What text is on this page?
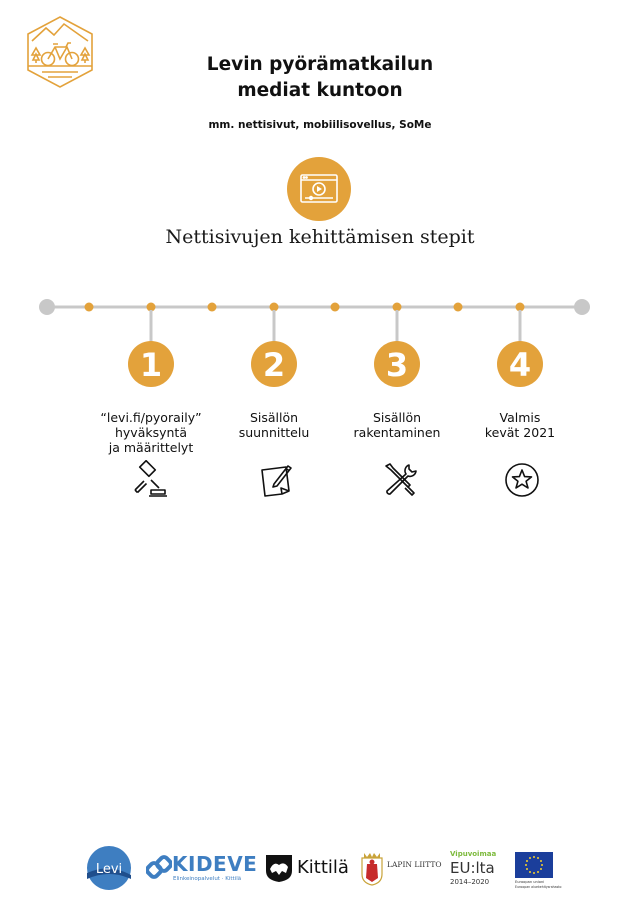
Levin pyörämatkailun
mediat kuntoon
mm. nettisivut, mobiilisovellus, SoMe
Nettisivujen kehittämisen stepit
1	2	3	4
“levi.fi/pyoraily”
hyväksyntä
ja määrittelyt
Sisällön
suunnittelu
Sisällön
rakentaminen
Valmis
kevät 2021
Levi KIDEVE
Elinkeinopalvelut · Kittilä
Kittilä	LAPIN LIITTO
Vipuvoimaa
EU:lta
2014–2020	Euroopan unioni
Euroopan aluekehitysrahasto
